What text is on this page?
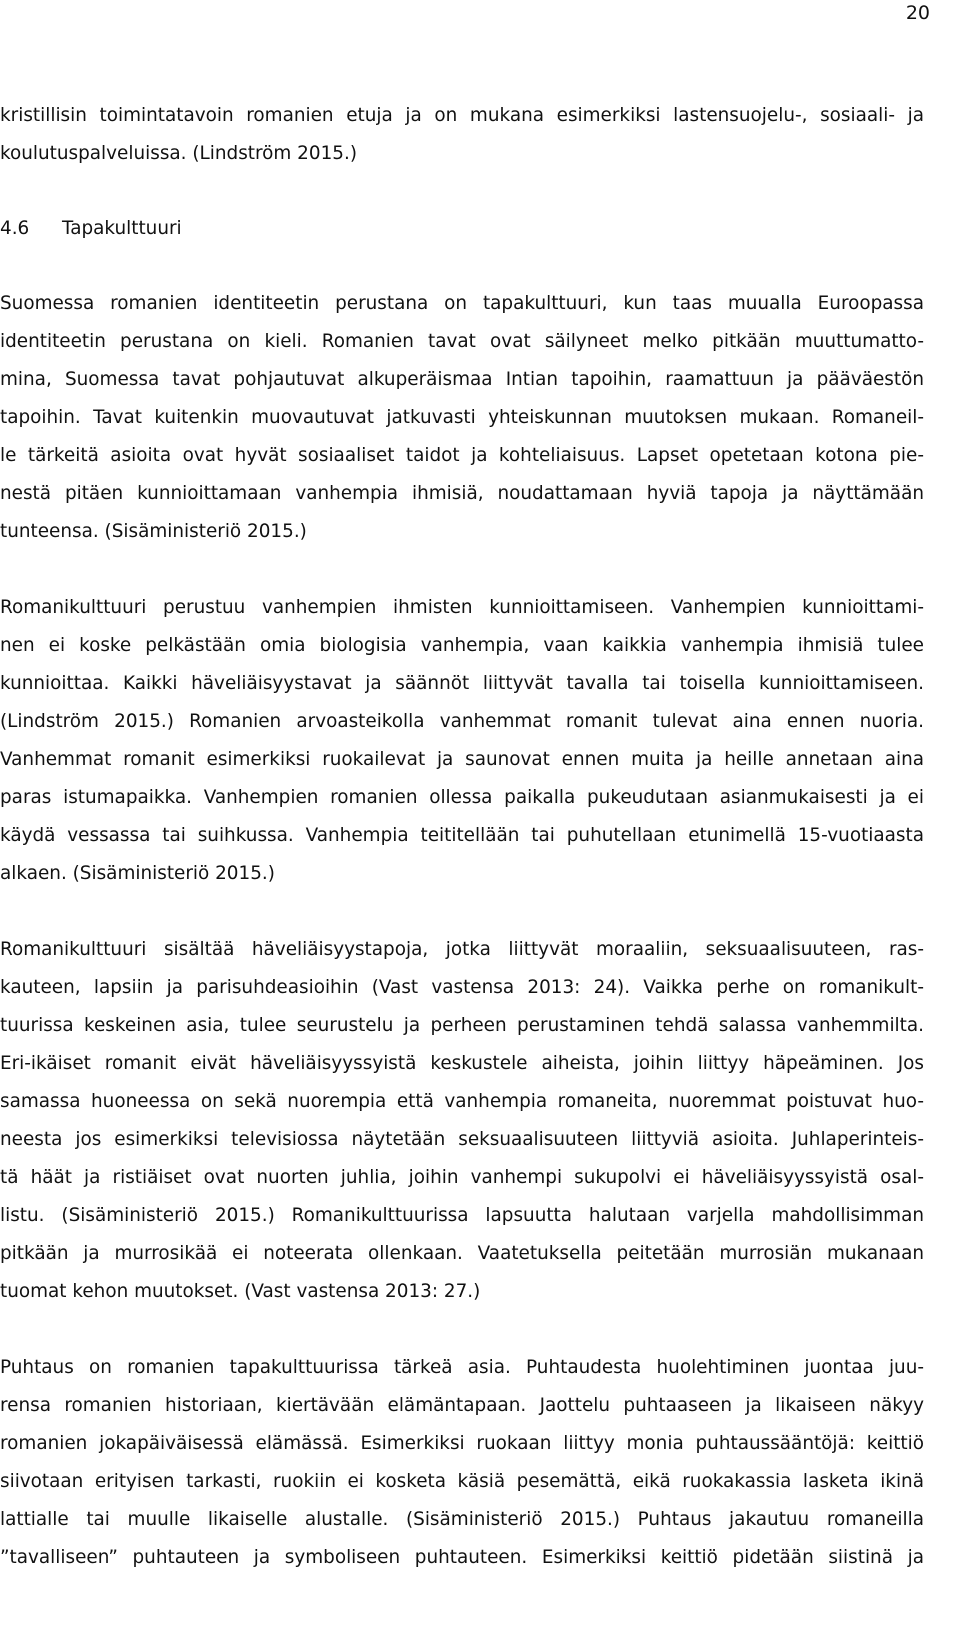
20
kristillisin toimintatavoin romanien etuja ja on mukana esimerkiksi lastensuojelu-, sosiaali- ja
koulutuspalveluissa. (Lindström 2015.)
4.6 Tapakulttuuri
Suomessa romanien identiteetin perustana on tapakulttuuri, kun taas muualla Euroopassa
identiteetin perustana on kieli. Romanien tavat ovat säilyneet melko pitkään muuttumatto-
mina, Suomessa tavat pohjautuvat alkuperäismaa Intian tapoihin, raamattuun ja pääväestön
tapoihin. Tavat kuitenkin muovautuvat jatkuvasti yhteiskunnan muutoksen mukaan. Romaneil-
le tärkeitä asioita ovat hyvät sosiaaliset taidot ja kohteliaisuus. Lapset opetetaan kotona pie-
nestä pitäen kunnioittamaan vanhempia ihmisiä, noudattamaan hyviä tapoja ja näyttämään
tunteensa. (Sisäministeriö 2015.)
Romanikulttuuri perustuu vanhempien ihmisten kunnioittamiseen. Vanhempien kunnioittami-
nen ei koske pelkästään omia biologisia vanhempia, vaan kaikkia vanhempia ihmisiä tulee
kunnioittaa. Kaikki häveliäisyystavat ja säännöt liittyvät tavalla tai toisella kunnioittamiseen.
(Lindström 2015.) Romanien arvoasteikolla vanhemmat romanit tulevat aina ennen nuoria.
Vanhemmat romanit esimerkiksi ruokailevat ja saunovat ennen muita ja heille annetaan aina
paras istumapaikka. Vanhempien romanien ollessa paikalla pukeudutaan asianmukaisesti ja ei
käydä vessassa tai suihkussa. Vanhempia teititellään tai puhutellaan etunimellä 15-vuotiaasta
alkaen. (Sisäministeriö 2015.)
Romanikulttuuri sisältää häveliäisyystapoja, jotka liittyvät moraaliin, seksuaalisuuteen, ras-
kauteen, lapsiin ja parisuhdeasioihin (Vast vastensa 2013: 24). Vaikka perhe on romanikult-
tuurissa keskeinen asia, tulee seurustelu ja perheen perustaminen tehdä salassa vanhemmilta.
Eri-ikäiset romanit eivät häveliäisyyssyistä keskustele aiheista, joihin liittyy häpeäminen. Jos
samassa huoneessa on sekä nuorempia että vanhempia romaneita, nuoremmat poistuvat huo-
neesta jos esimerkiksi televisiossa näytetään seksuaalisuuteen liittyviä asioita. Juhlaperinteis-
tä häät ja ristiäiset ovat nuorten juhlia, joihin vanhempi sukupolvi ei häveliäisyyssyistä osal-
listu. (Sisäministeriö 2015.) Romanikulttuurissa lapsuutta halutaan varjella mahdollisimman
pitkään ja murrosikää ei noteerata ollenkaan. Vaatetuksella peitetään murrosiän mukanaan
tuomat kehon muutokset. (Vast vastensa 2013: 27.)
Puhtaus on romanien tapakulttuurissa tärkeä asia. Puhtaudesta huolehtiminen juontaa juu-
rensa romanien historiaan, kiertävään elämäntapaan. Jaottelu puhtaaseen ja likaiseen näkyy
romanien jokapäiväisessä elämässä. Esimerkiksi ruokaan liittyy monia puhtaussääntöjä: keittiö
siivotaan erityisen tarkasti, ruokiin ei kosketa käsiä pesemättä, eikä ruokakassia lasketa ikinä
lattialle tai muulle likaiselle alustalle. (Sisäministeriö 2015.) Puhtaus jakautuu romaneilla
”tavalliseen” puhtauteen ja symboliseen puhtauteen. Esimerkiksi keittiö pidetään siistinä ja
